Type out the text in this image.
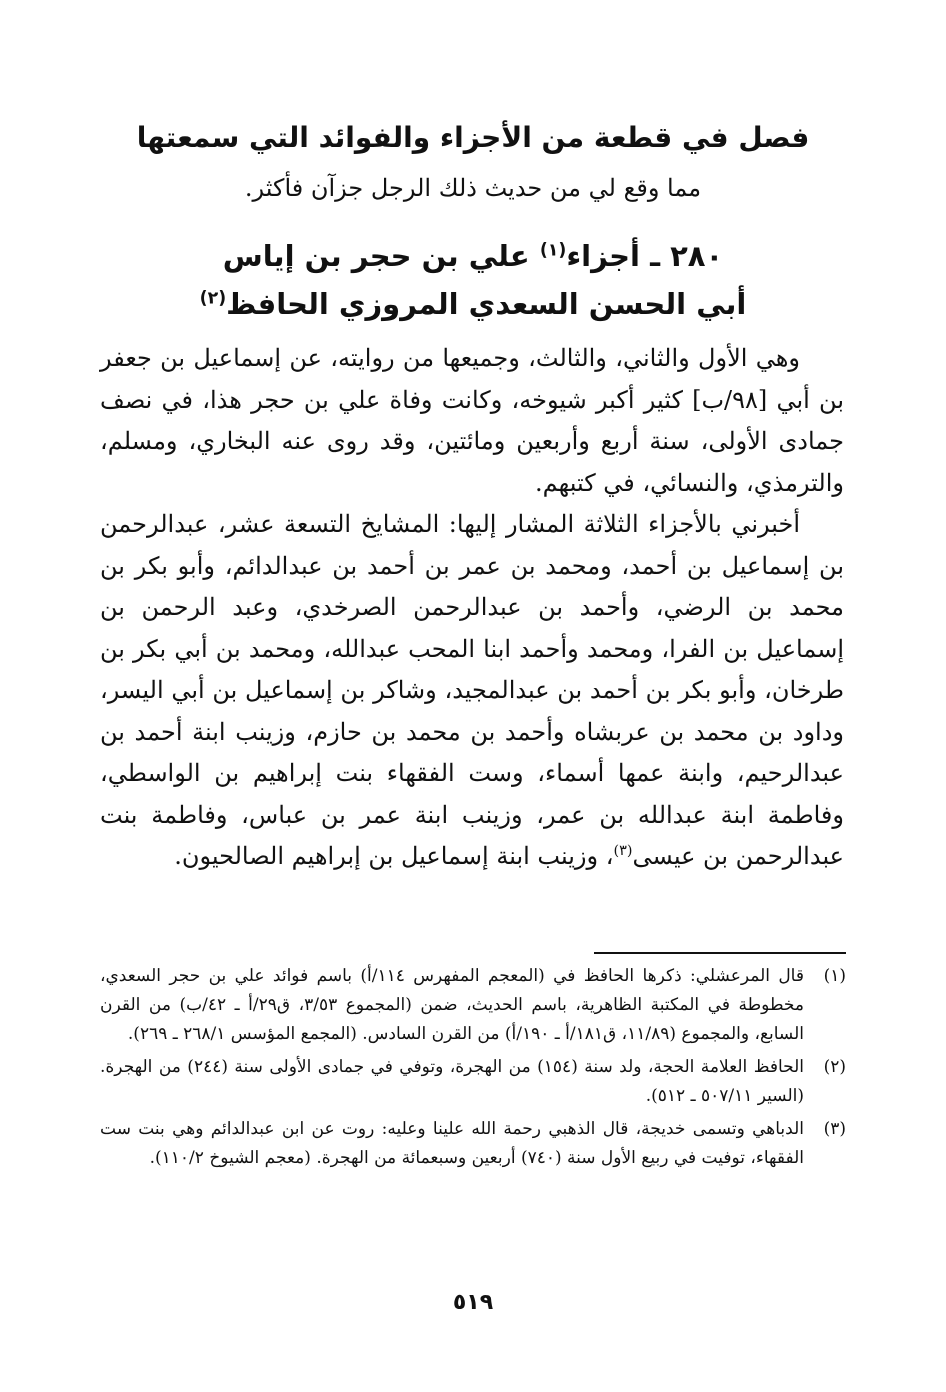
فصل في قطعة من الأجزاء والفوائد التي سمعتها

مما وقع لي من حديث ذلك الرجل جزآن فأكثر.

٢٨٠ ـ أجزاء$^{(١)}$ علي بن حجر بن إياس
أبي الحسن السعدي المروزي الحافظ$^{(٢)}$

وهي الأول والثاني، والثالث، وجميعها من روايته، عن إسماعيل بن جعفر بن أبي [٩٨/ب] كثير أكبر شيوخه، وكانت وفاة علي بن حجر هذا، في نصف جمادى الأولى، سنة أربع وأربعين ومائتين، وقد روى عنه البخاري، ومسلم، والترمذي، والنسائي، في كتبهم.

أخبرني بالأجزاء الثلاثة المشار إليها: المشايخ التسعة عشر، عبدالرحمن بن إسماعيل بن أحمد، ومحمد بن عمر بن أحمد بن عبدالدائم، وأبو بكر بن محمد بن الرضي، وأحمد بن عبدالرحمن الصرخدي، وعبد الرحمن بن إسماعيل بن الفرا، ومحمد وأحمد ابنا المحب عبدالله، ومحمد بن أبي بكر بن طرخان، وأبو بكر بن أحمد بن عبدالمجيد، وشاكر بن إسماعيل بن أبي اليسر، وداود بن محمد بن عربشاه وأحمد بن محمد بن حازم، وزينب ابنة أحمد بن عبدالرحيم، وابنة عمها أسماء، وست الفقهاء بنت إبراهيم بن الواسطي، وفاطمة ابنة عبدالله بن عمر، وزينب ابنة عمر بن عباس، وفاطمة بنت عبدالرحمن بن عيسى$^{(٣)}$، وزينب ابنة إسماعيل بن إبراهيم الصالحيون.

(١)
قال المرعشلي: ذكرها الحافظ في (المعجم المفهرس ١١٤/أ) باسم فوائد علي بن حجر السعدي، مخطوطة في المكتبة الظاهرية، باسم الحديث، ضمن (المجموع ٣/٥٣، ق٢٩/أ ـ ٤٢/ب) من القرن السابع، والمجموع (١١/٨٩، ق١٨١/أ ـ ١٩٠/أ) من القرن السادس. (المجمع المؤسس ٢٦٨/١ ـ ٢٦٩).
(٢)
الحافظ العلامة الحجة، ولد سنة (١٥٤) من الهجرة، وتوفي في جمادى الأولى سنة (٢٤٤) من الهجرة. (السير ٥٠٧/١١ ـ ٥١٢).
(٣)
الدباهي وتسمى خديجة، قال الذهبي رحمة الله علينا وعليه: روت عن ابن عبدالدائم وهي بنت ست الفقهاء، توفيت في ربيع الأول سنة (٧٤٠) أربعين وسبعمائة من الهجرة. (معجم الشيوخ ١١٠/٢).

٥١٩
